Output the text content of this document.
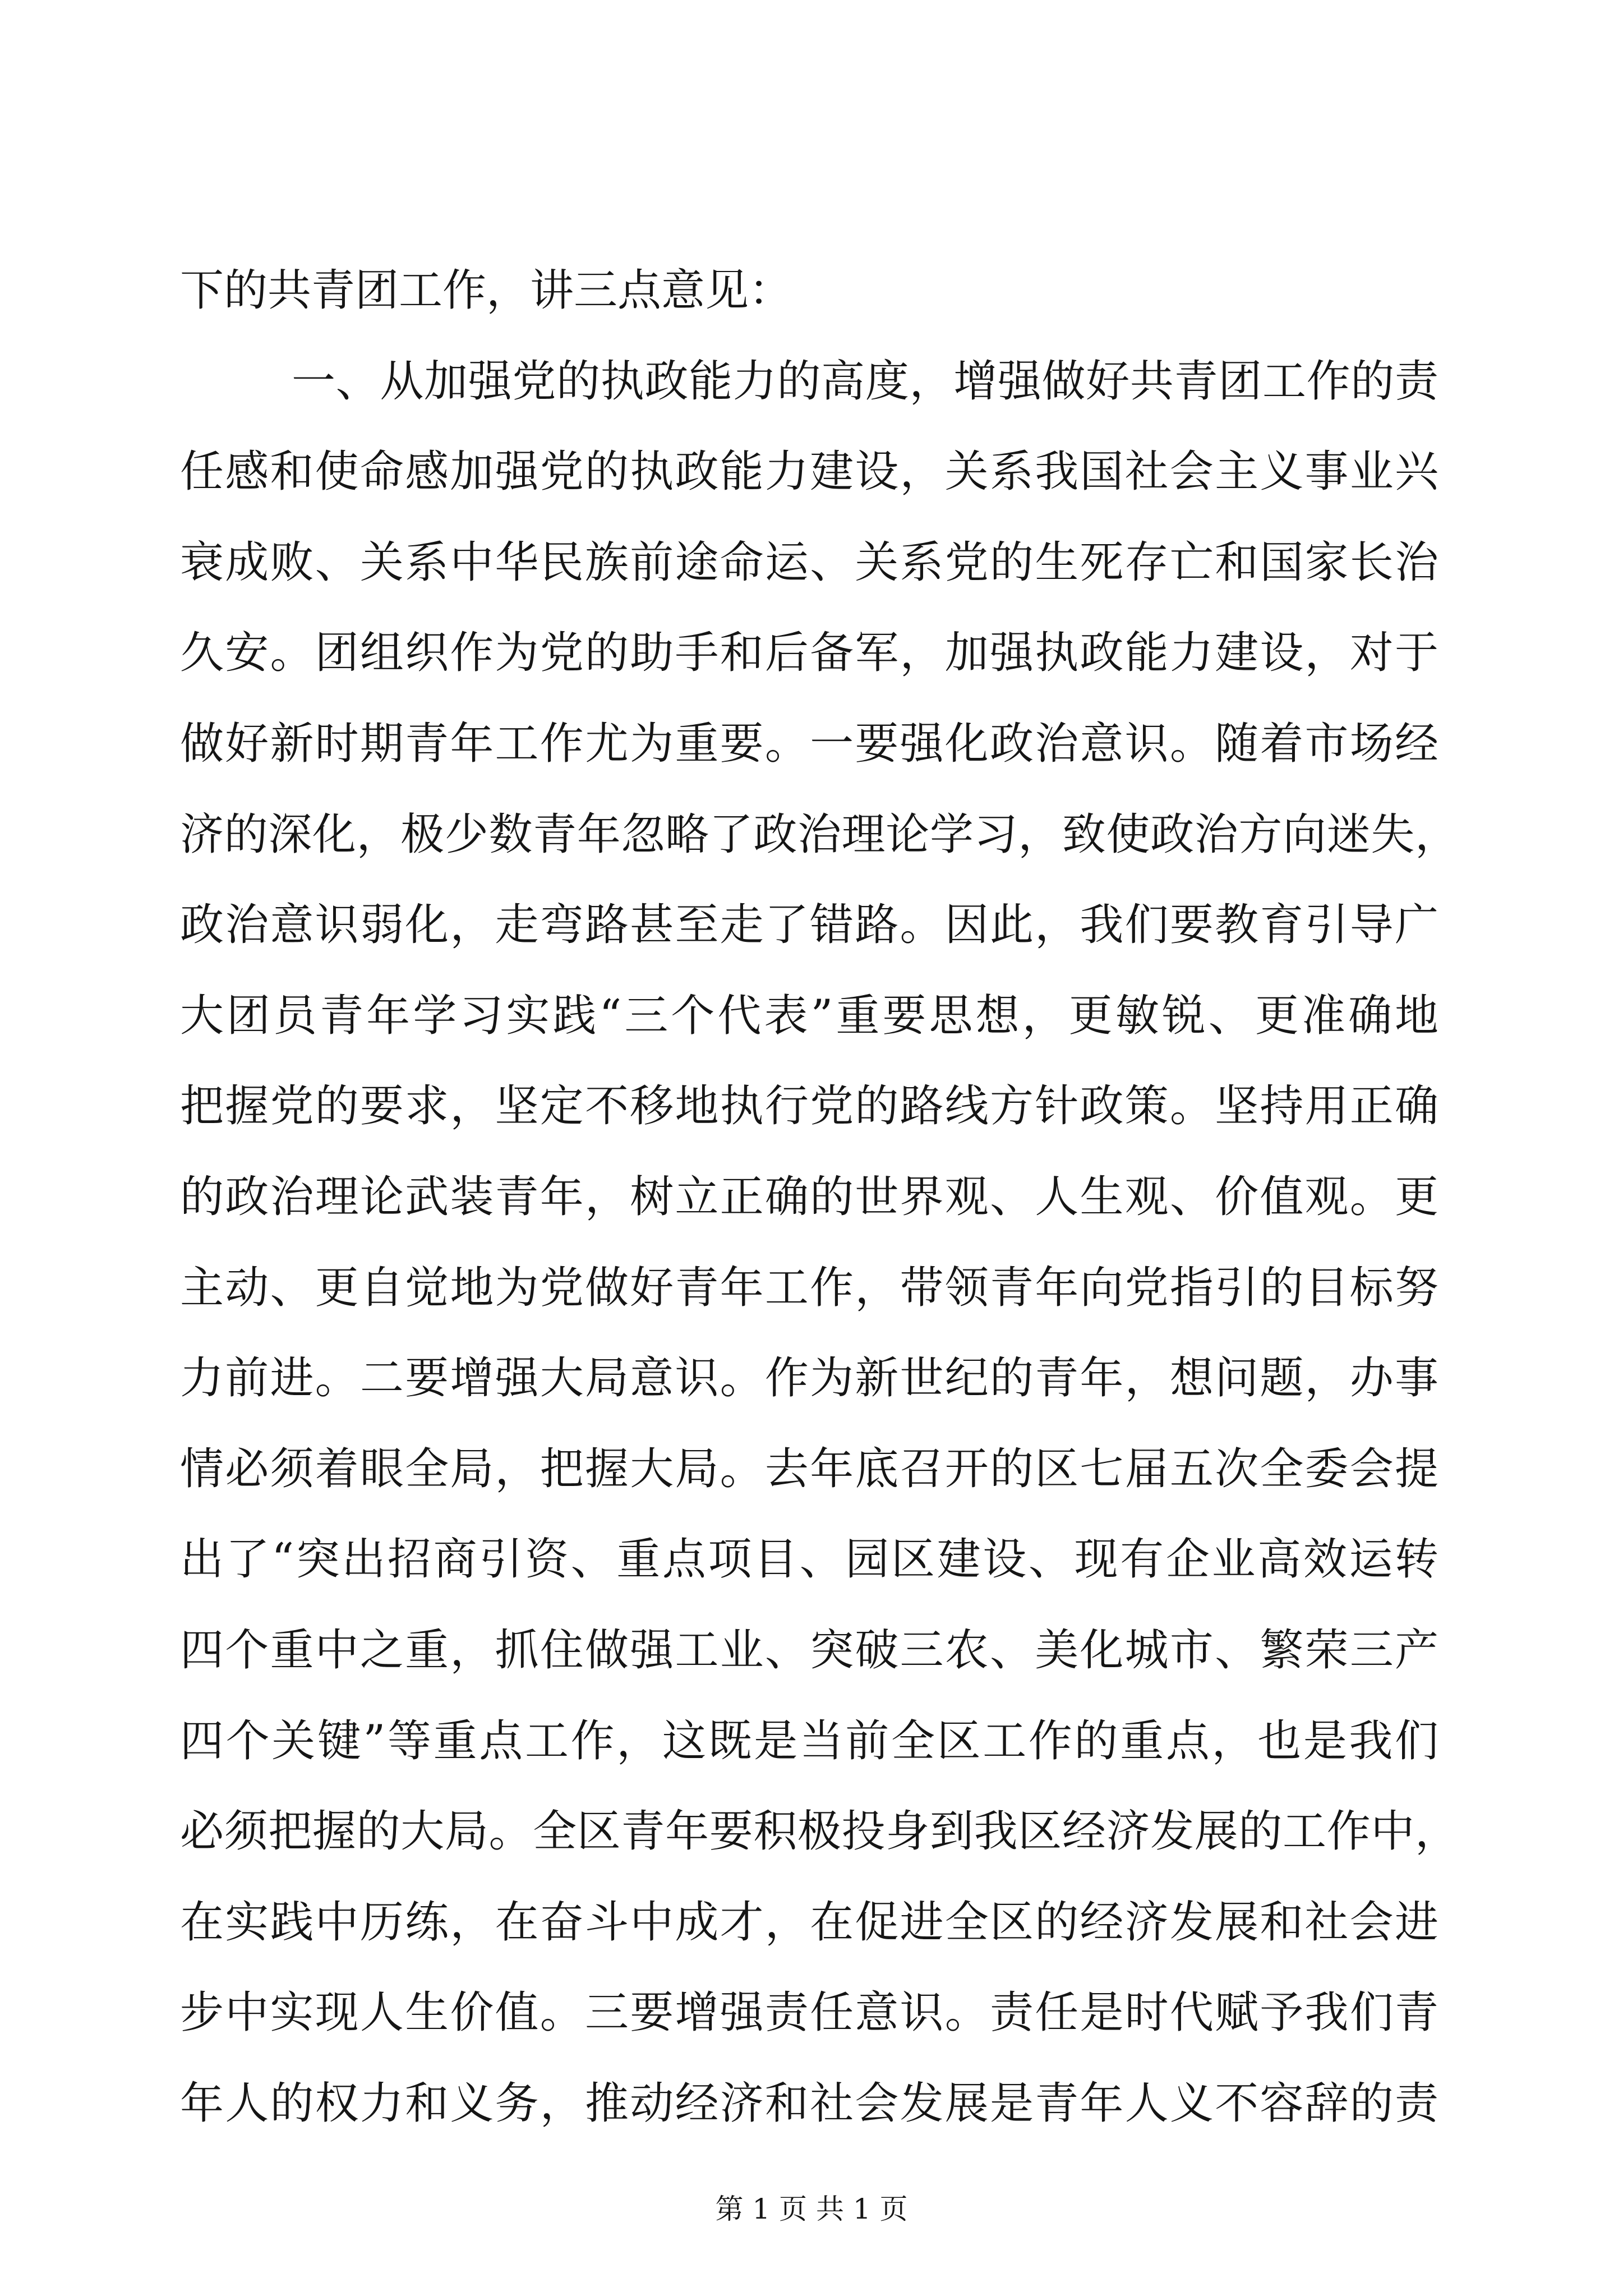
下的共青团工作，讲三点意见：
一、从加强党的执政能力的高度，增强做好共青团工作的责
任感和使命感加强党的执政能力建设，关系我国社会主义事业兴
衰成败、关系中华民族前途命运、关系党的生死存亡和国家长治
久安。团组织作为党的助手和后备军，加强执政能力建设，对于
做好新时期青年工作尤为重要。一要强化政治意识。随着市场经
济的深化，极少数青年忽略了政治理论学习，致使政治方向迷失，
政治意识弱化，走弯路甚至走了错路。因此，我们要教育引导广
大团员青年学习实践“三个代表”重要思想，更敏锐、更准确地
把握党的要求，坚定不移地执行党的路线方针政策。坚持用正确
的政治理论武装青年，树立正确的世界观、人生观、价值观。更
主动、更自觉地为党做好青年工作，带领青年向党指引的目标努
力前进。二要增强大局意识。作为新世纪的青年，想问题，办事
情必须着眼全局，把握大局。去年底召开的区七届五次全委会提
出了“突出招商引资、重点项目、园区建设、现有企业高效运转
四个重中之重，抓住做强工业、突破三农、美化城市、繁荣三产
四个关键”等重点工作，这既是当前全区工作的重点，也是我们
必须把握的大局。全区青年要积极投身到我区经济发展的工作中，
在实践中历练，在奋斗中成才，在促进全区的经济发展和社会进
步中实现人生价值。三要增强责任意识。责任是时代赋予我们青
年人的权力和义务，推动经济和社会发展是青年人义不容辞的责
第 1 页 共 1 页
